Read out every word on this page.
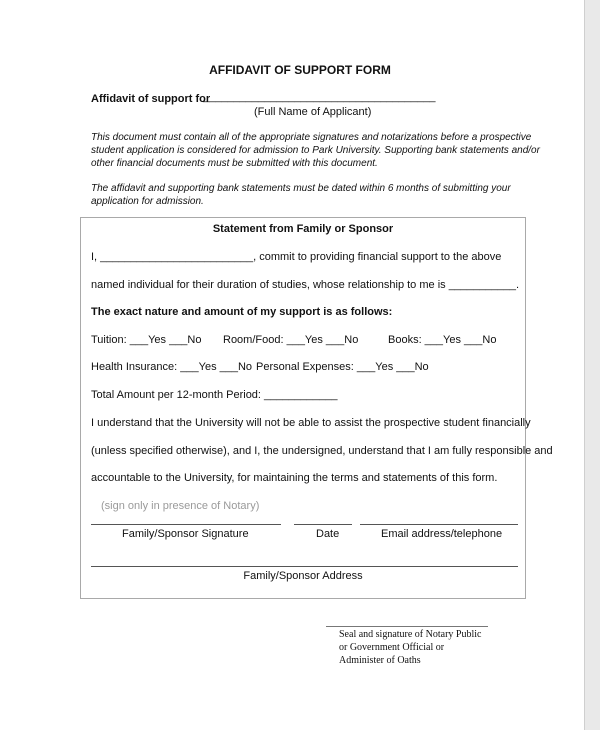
AFFIDAVIT OF SUPPORT FORM
Affidavit of support for
______________________________________
(Full Name of Applicant)
This document must contain all of the appropriate signatures and notarizations before a prospective
student application is considered for admission to Park University. Supporting bank statements and/or
other financial documents must be submitted with this document.
The affidavit and supporting bank statements must be dated within 6 months of submitting your
application for admission.
Statement from Family or Sponsor
I, _________________________, commit to providing financial support to the above
named individual for their duration of studies, whose relationship to me is ___________.
The exact nature and amount of my support is as follows:
Tuition: ___Yes ___No Room/Food: ___Yes ___No	Books: ___Yes ___No
Health Insurance: ___Yes ___No Personal Expenses: ___Yes ___No
Total Amount per 12-month Period: ____________
I understand that the University will not be able to assist the prospective student financially
(unless specified otherwise), and I, the undersigned, understand that I am fully responsible and
accountable to the University, for maintaining the terms and statements of this form.
(sign only in presence of Notary)
Family/Sponsor Signature	Date	Email address/telephone
Family/Sponsor Address
Seal and signature of Notary Public
or Government Official or
Administer of Oaths
